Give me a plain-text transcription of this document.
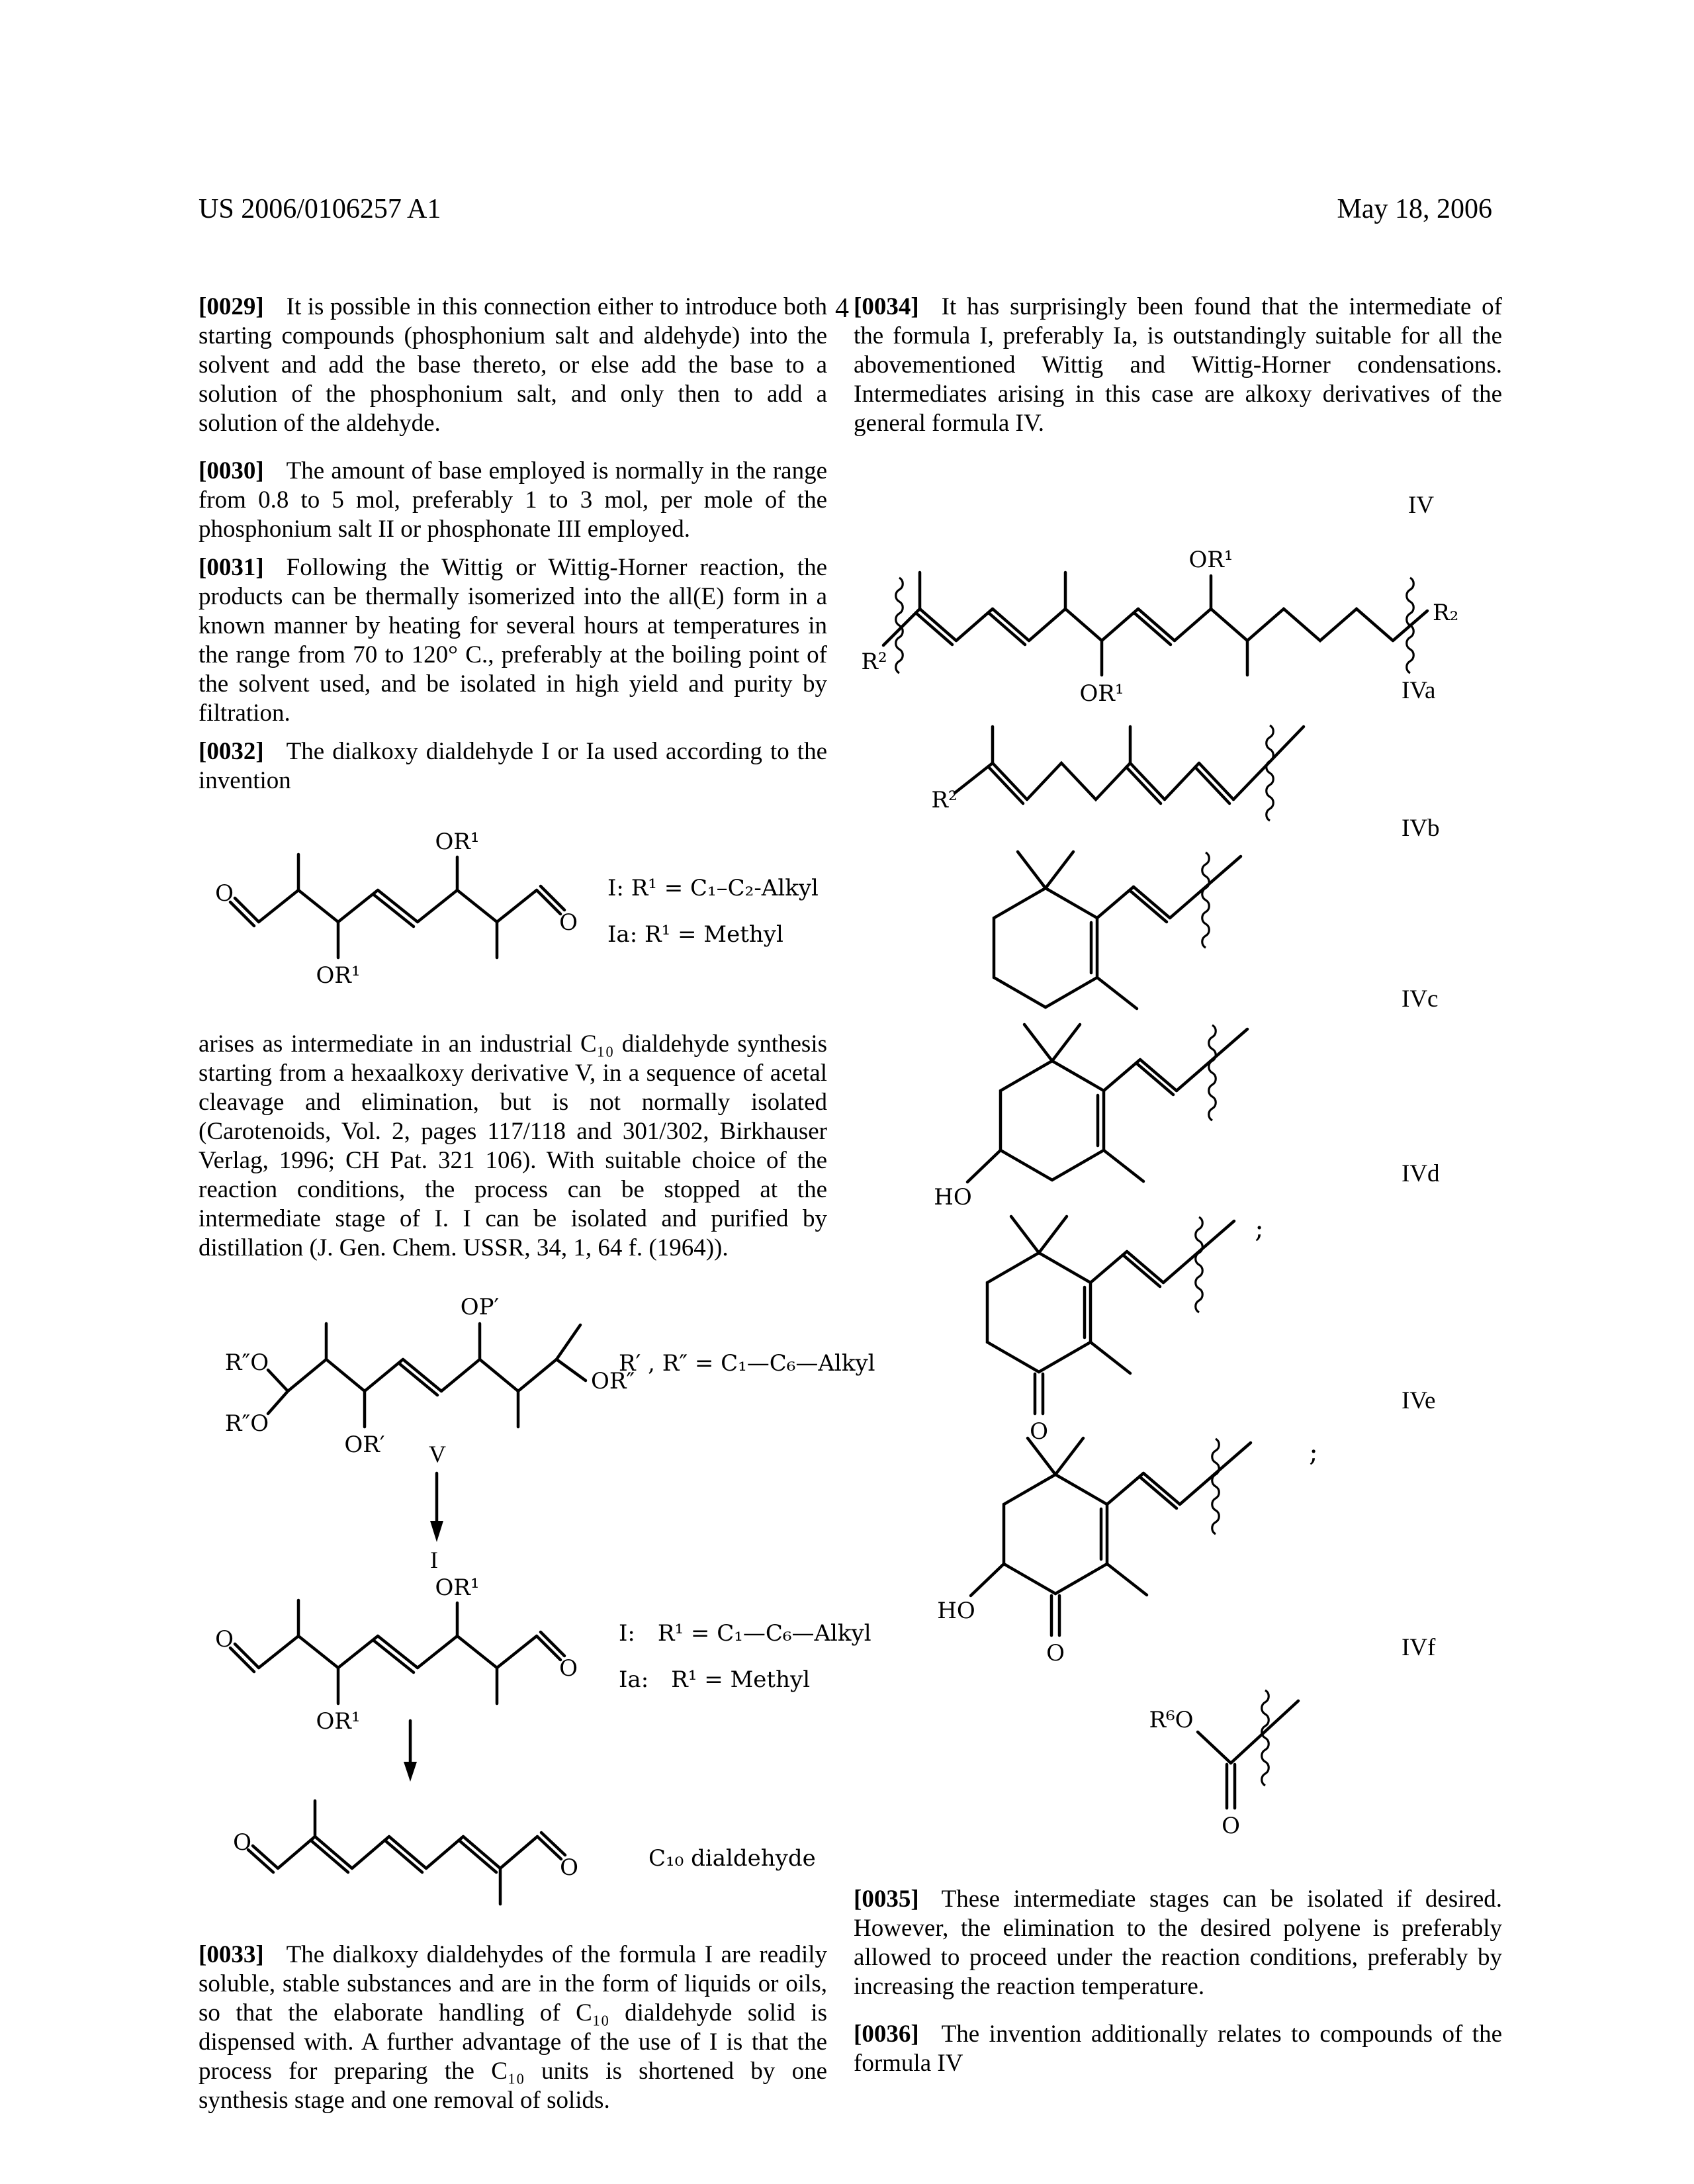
US 2006/0106257 A1	May 18, 2006
4
[0029] It is possible in this connection either to introduce both starting compounds (phosphonium salt and aldehyde) into the solvent and add the base thereto, or else add the base to a solution of the phosphonium salt, and only then to add a solution of the aldehyde.
[0030] The amount of base employed is normally in the range from 0.8 to 5 mol, preferably 1 to 3 mol, per mole of the phosphonium salt II or phosphonate III employed.
[0031] Following the Wittig or Wittig-Horner reaction, the products can be thermally isomerized into the all(E) form in a known manner by heating for several hours at temperatures in the range from 70 to 120° C., preferably at the boiling point of the solvent used, and be isolated in high yield and purity by filtration.
[0032] The dialkoxy dialdehyde I or Ia used according to the invention
O
O
OR¹
OR¹
I: R¹ = C₁–C₂-Alkyl
Ia: R¹ = Methyl
arises as intermediate in an industrial C₁₀ dialdehyde synthesis starting from a hexaalkoxy derivative V, in a sequence of acetal cleavage and elimination, but is not normally isolated (Carotenoids, Vol. 2, pages 117/118 and 301/302, Birkhauser Verlag, 1996; CH Pat. 321 106). With suitable choice of the reaction conditions, the process can be stopped at the intermediate stage of I. I can be isolated and purified by distillation (J. Gen. Chem. USSR, 34, 1, 64 f. (1964)).
R″O
R″O
OR′
OP′
OR″
R′ , R″ = C₁—C₆—Alkyl
V
I
O
O
OR¹
OR¹
I: R¹ = C₁—C₆—Alkyl
Ia: R¹ = Methyl
O
O	C₁₀ dialdehyde
[0033] The dialkoxy dialdehydes of the formula I are readily soluble, stable substances and are in the form of liquids or oils, so that the elaborate handling of C₁₀ dialdehyde solid is dispensed with. A further advantage of the use of I is that the process for preparing the C₁₀ units is shortened by one synthesis stage and one removal of solids.
[0034] It has surprisingly been found that the intermediate of the formula I, preferably Ia, is outstandingly suitable for all the abovementioned Wittig and Wittig-Horner condensations. Intermediates arising in this case are alkoxy derivatives of the general formula IV.
IV
R²
R₂
OR¹
OR¹
IVa
R²
IVb
IVc
HO
IVd
O
;
IVe
HO
O
;
IVf
R⁶O
O
[0035] These intermediate stages can be isolated if desired. However, the elimination to the desired polyene is preferably allowed to proceed under the reaction conditions, preferably by increasing the reaction temperature.
[0036] The invention additionally relates to compounds of the formula IV
